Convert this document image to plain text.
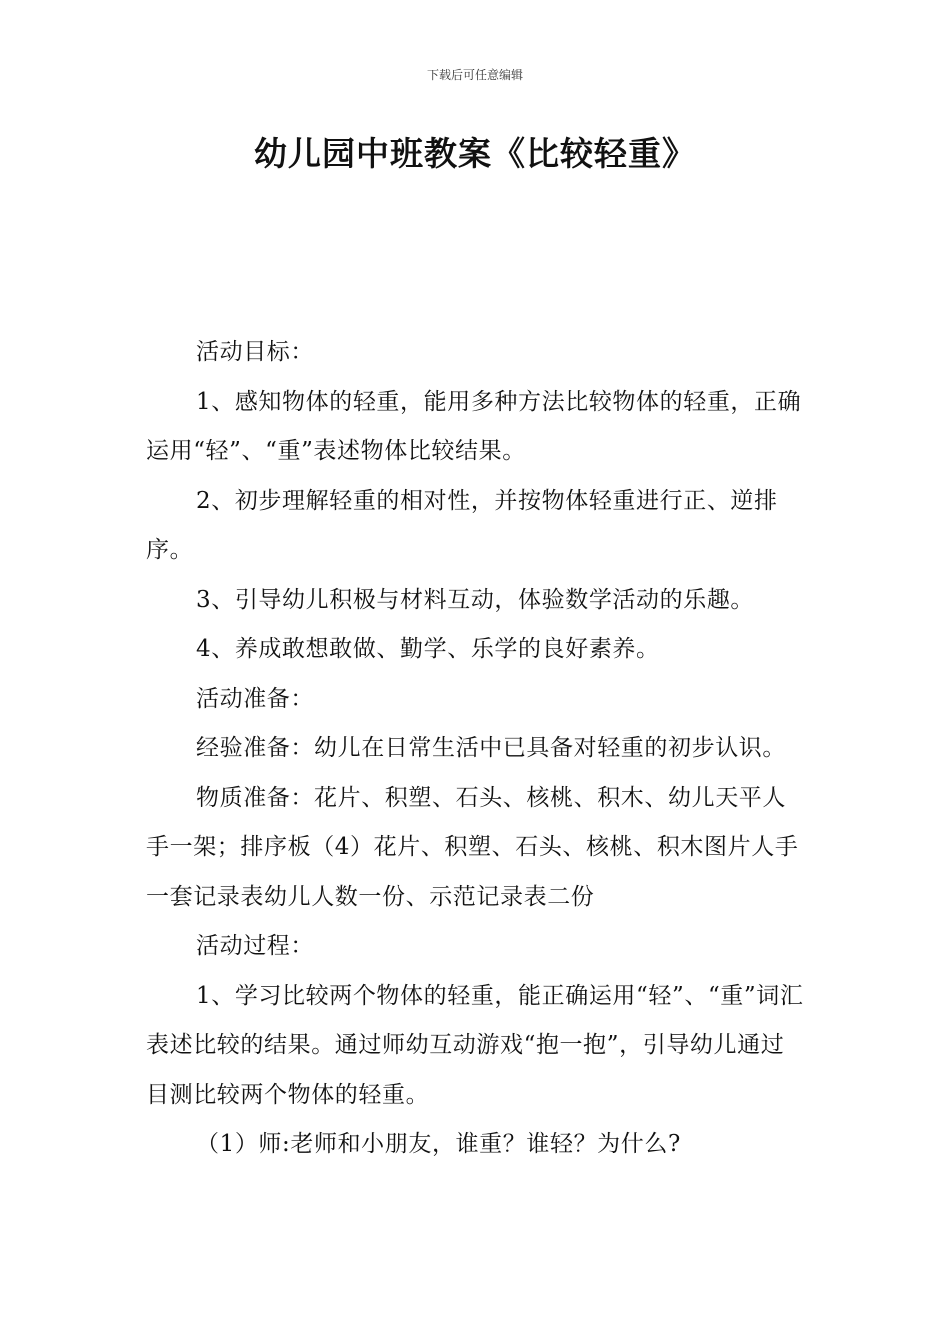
下载后可任意编辑
幼儿园中班教案《比较轻重》

活动目标：

1、感知物体的轻重，能用多种方法比较物体的轻重，正确运用“轻”、“重”表述物体比较结果。

2、初步理解轻重的相对性，并按物体轻重进行正、逆排序。

3、引导幼儿积极与材料互动，体验数学活动的乐趣。

4、养成敢想敢做、勤学、乐学的良好素养。

活动准备：

经验准备：幼儿在日常生活中已具备对轻重的初步认识。

物质准备：花片、积塑、石头、核桃、积木、幼儿天平人手一架；排序板（4）花片、积塑、石头、核桃、积木图片人手一套记录表幼儿人数一份、示范记录表二份

活动过程：

1、学习比较两个物体的轻重，能正确运用“轻”、“重”词汇表述比较的结果。通过师幼互动游戏“抱一抱”，引导幼儿通过目测比较两个物体的轻重。

（1）师:老师和小朋友，谁重？谁轻？为什么?
